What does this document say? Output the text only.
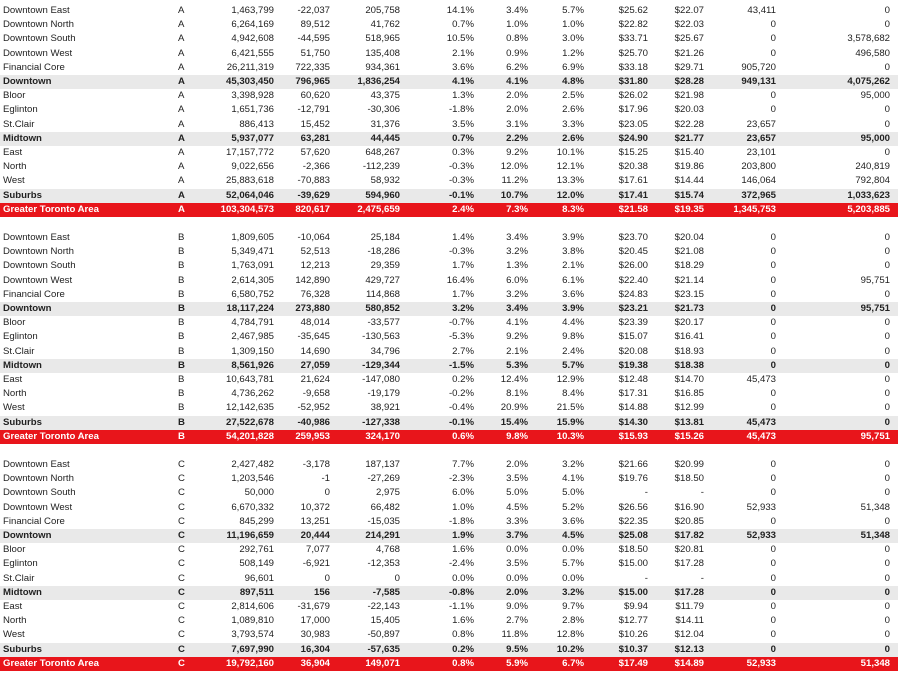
Downtown East	A	1,463,799	-22,037	205,758	14.1%	3.4%	5.7%	$25.62	$22.07	43,411	0
Downtown North	A	6,264,169	89,512	41,762	0.7%	1.0%	1.0%	$22.82	$22.03	0	0
Downtown South	A	4,942,608	-44,595	518,965	10.5%	0.8%	3.0%	$33.71	$25.67	0	3,578,682
Downtown West	A	6,421,555	51,750	135,408	2.1%	0.9%	1.2%	$25.70	$21.26	0	496,580
Financial Core	A	26,211,319	722,335	934,361	3.6%	6.2%	6.9%	$33.18	$29.71	905,720	0
Downtown	A	45,303,450	796,965	1,836,254	4.1%	4.1%	4.8%	$31.80	$28.28	949,131	4,075,262
Bloor	A	3,398,928	60,620	43,375	1.3%	2.0%	2.5%	$26.02	$21.98	0	95,000
Eglinton	A	1,651,736	-12,791	-30,306	-1.8%	2.0%	2.6%	$17.96	$20.03	0	0
St.Clair	A	886,413	15,452	31,376	3.5%	3.1%	3.3%	$23.05	$22.28	23,657	0
Midtown	A	5,937,077	63,281	44,445	0.7%	2.2%	2.6%	$24.90	$21.77	23,657	95,000
East	A	17,157,772	57,620	648,267	0.3%	9.2%	10.1%	$15.25	$15.40	23,101	0
North	A	9,022,656	-2,366	-112,239	-0.3%	12.0%	12.1%	$20.38	$19.86	203,800	240,819
West	A	25,883,618	-70,883	58,932	-0.3%	11.2%	13.3%	$17.61	$14.44	146,064	792,804
Suburbs	A	52,064,046	-39,629	594,960	-0.1%	10.7%	12.0%	$17.41	$15.74	372,965	1,033,623
Greater Toronto Area	A	103,304,573	820,617	2,475,659	2.4%	7.3%	8.3%	$21.58	$19.35	1,345,753	5,203,885
Downtown East	B	1,809,605	-10,064	25,184	1.4%	3.4%	3.9%	$23.70	$20.04	0	0
Downtown North	B	5,349,471	52,513	-18,286	-0.3%	3.2%	3.8%	$20.45	$21.08	0	0
Downtown South	B	1,763,091	12,213	29,359	1.7%	1.3%	2.1%	$26.00	$18.29	0	0
Downtown West	B	2,614,305	142,890	429,727	16.4%	6.0%	6.1%	$22.40	$21.14	0	95,751
Financial Core	B	6,580,752	76,328	114,868	1.7%	3.2%	3.6%	$24.83	$23.15	0	0
Downtown	B	18,117,224	273,880	580,852	3.2%	3.4%	3.9%	$23.21	$21.73	0	95,751
Bloor	B	4,784,791	48,014	-33,577	-0.7%	4.1%	4.4%	$23.39	$20.17	0	0
Eglinton	B	2,467,985	-35,645	-130,563	-5.3%	9.2%	9.8%	$15.07	$16.41	0	0
St.Clair	B	1,309,150	14,690	34,796	2.7%	2.1%	2.4%	$20.08	$18.93	0	0
Midtown	B	8,561,926	27,059	-129,344	-1.5%	5.3%	5.7%	$19.38	$18.38	0	0
East	B	10,643,781	21,624	-147,080	0.2%	12.4%	12.9%	$12.48	$14.70	45,473	0
North	B	4,736,262	-9,658	-19,179	-0.2%	8.1%	8.4%	$17.31	$16.85	0	0
West	B	12,142,635	-52,952	38,921	-0.4%	20.9%	21.5%	$14.88	$12.99	0	0
Suburbs	B	27,522,678	-40,986	-127,338	-0.1%	15.4%	15.9%	$14.30	$13.81	45,473	0
Greater Toronto Area	B	54,201,828	259,953	324,170	0.6%	9.8%	10.3%	$15.93	$15.26	45,473	95,751
Downtown East	C	2,427,482	-3,178	187,137	7.7%	2.0%	3.2%	$21.66	$20.99	0	0
Downtown North	C	1,203,546	-1	-27,269	-2.3%	3.5%	4.1%	$19.76	$18.50	0	0
Downtown South	C	50,000	0	2,975	6.0%	5.0%	5.0%	-	-	0	0
Downtown West	C	6,670,332	10,372	66,482	1.0%	4.5%	5.2%	$26.56	$16.90	52,933	51,348
Financial Core	C	845,299	13,251	-15,035	-1.8%	3.3%	3.6%	$22.35	$20.85	0	0
Downtown	C	11,196,659	20,444	214,291	1.9%	3.7%	4.5%	$25.08	$17.82	52,933	51,348
Bloor	C	292,761	7,077	4,768	1.6%	0.0%	0.0%	$18.50	$20.81	0	0
Eglinton	C	508,149	-6,921	-12,353	-2.4%	3.5%	5.7%	$15.00	$17.28	0	0
St.Clair	C	96,601	0	0	0.0%	0.0%	0.0%	-	-	0	0
Midtown	C	897,511	156	-7,585	-0.8%	2.0%	3.2%	$15.00	$17.28	0	0
East	C	2,814,606	-31,679	-22,143	-1.1%	9.0%	9.7%	$9.94	$11.79	0	0
North	C	1,089,810	17,000	15,405	1.6%	2.7%	2.8%	$12.77	$14.11	0	0
West	C	3,793,574	30,983	-50,897	0.8%	11.8%	12.8%	$10.26	$12.04	0	0
Suburbs	C	7,697,990	16,304	-57,635	0.2%	9.5%	10.2%	$10.37	$12.13	0	0
Greater Toronto Area	C	19,792,160	36,904	149,071	0.8%	5.9%	6.7%	$17.49	$14.89	52,933	51,348
